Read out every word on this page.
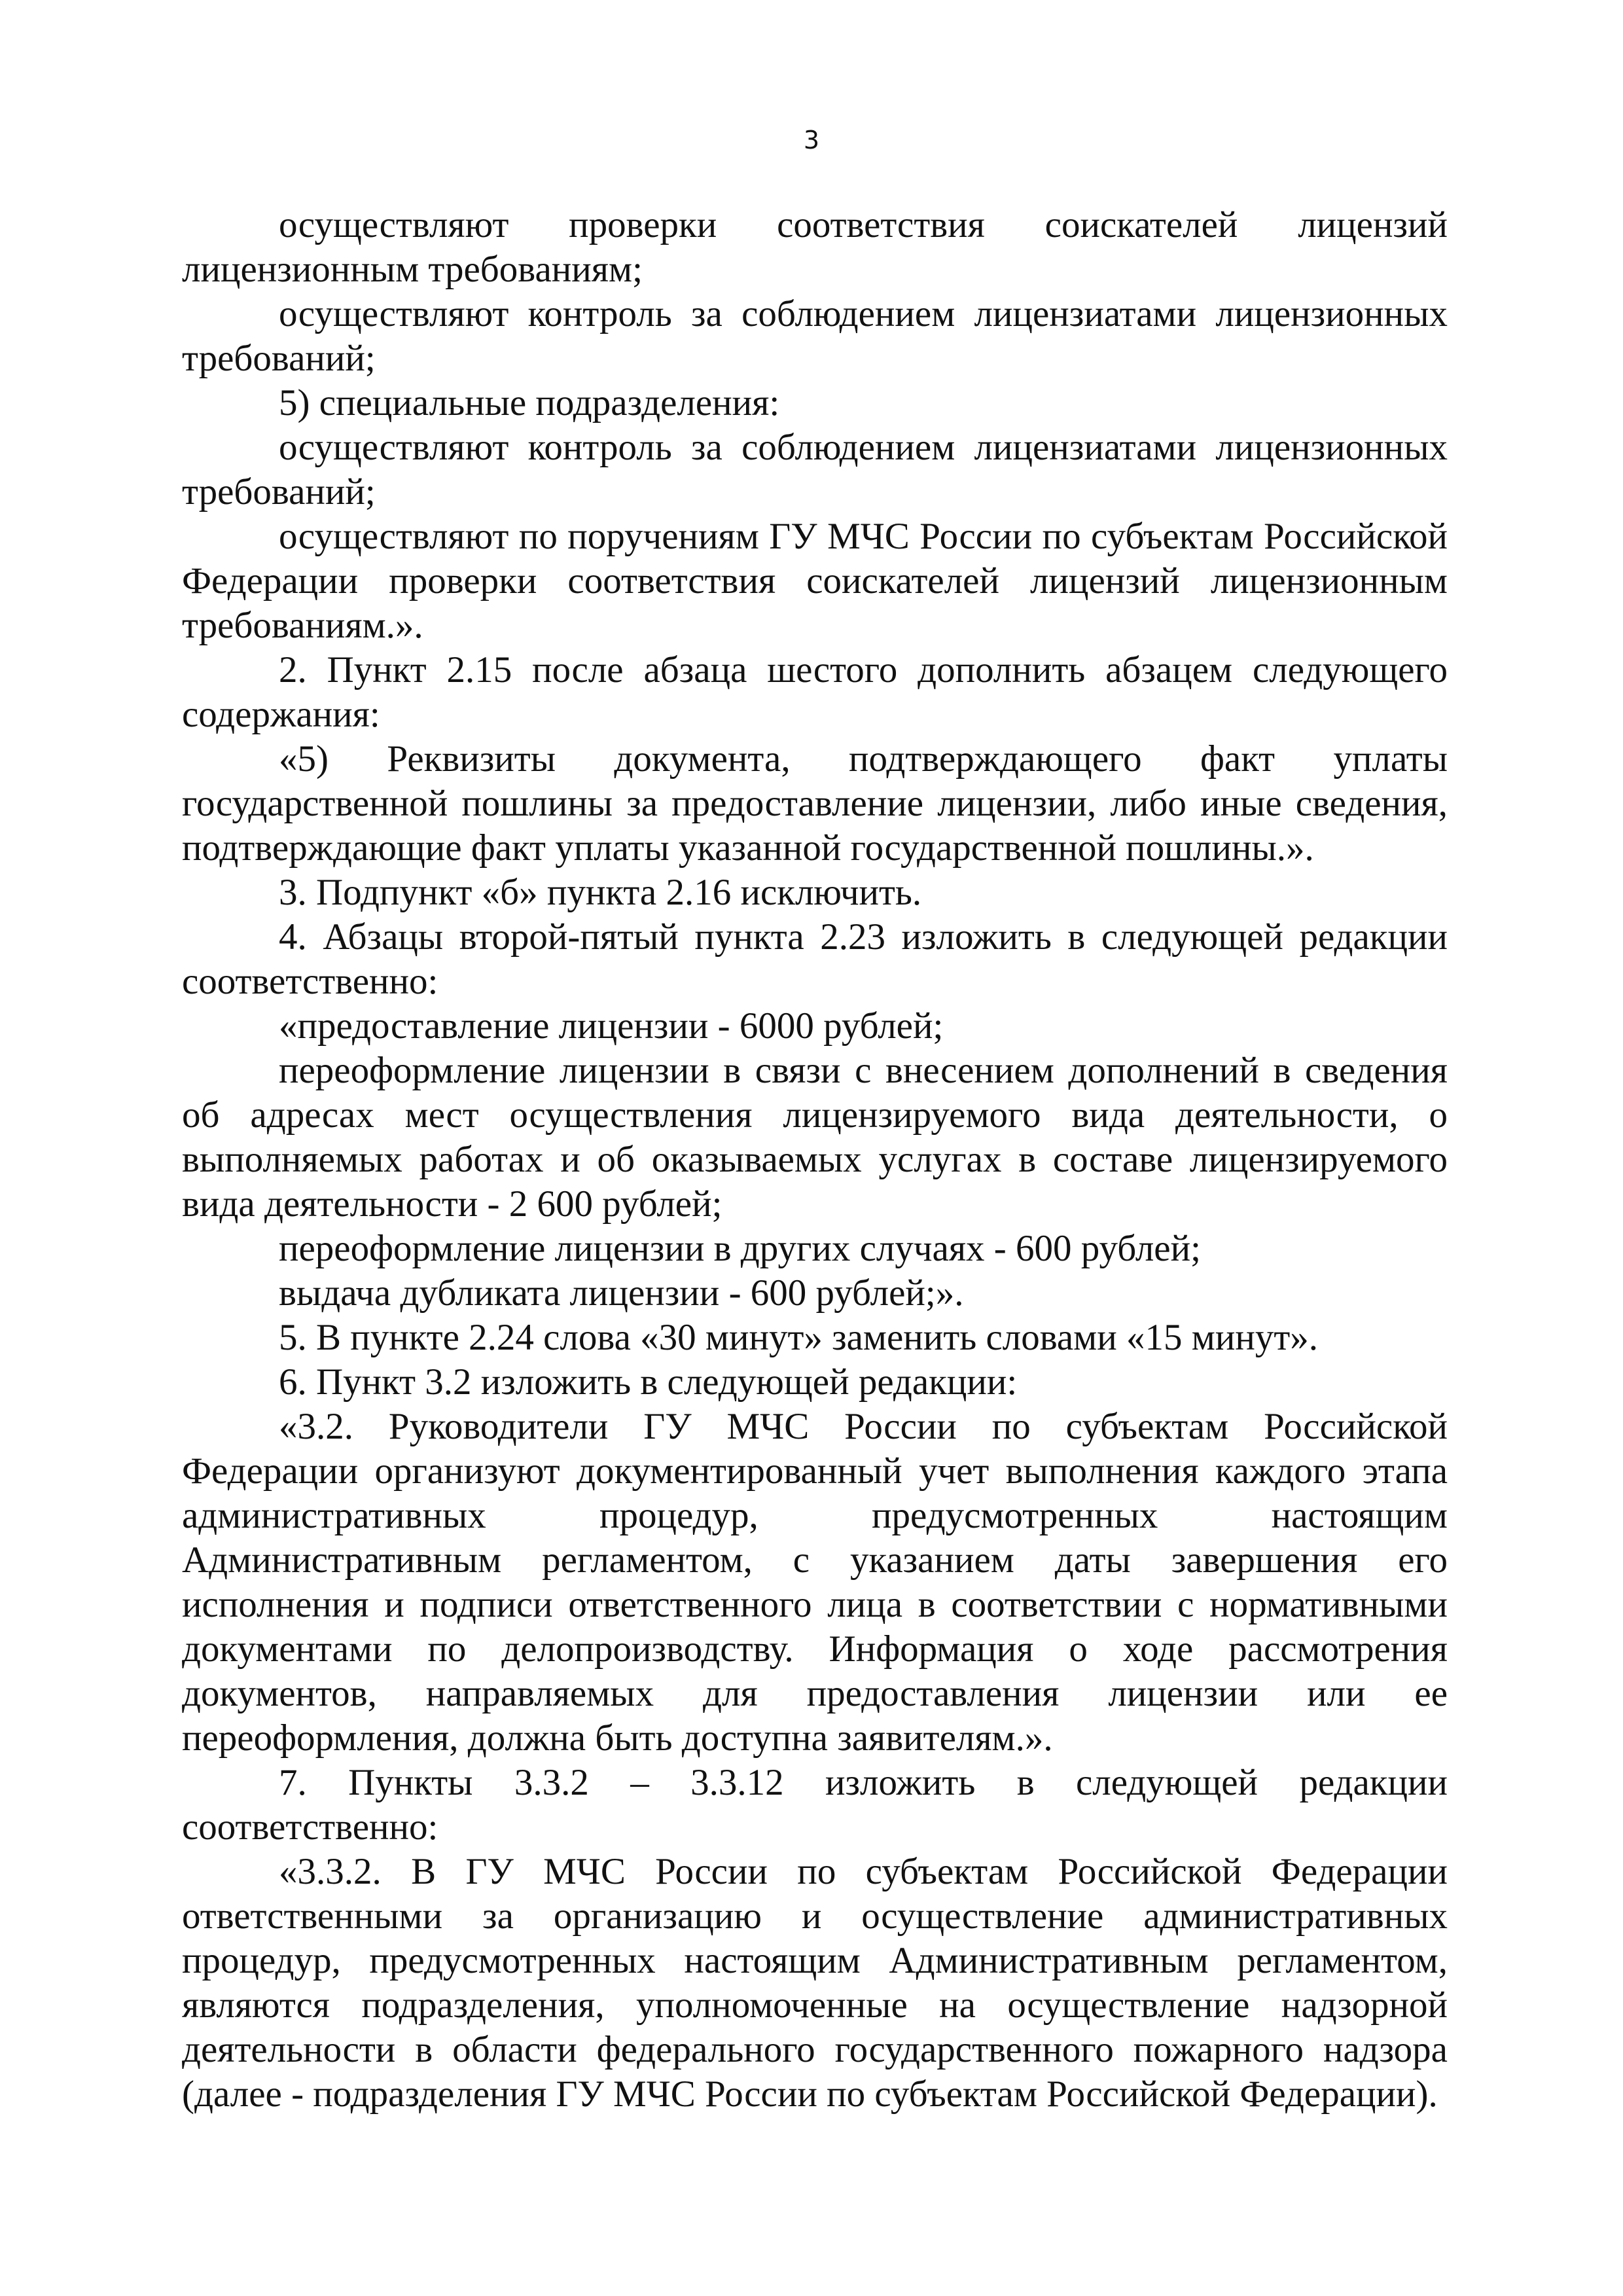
3

осуществляют проверки соответствия соискателей лицензий лицензионным требованиям;

осуществляют контроль за соблюдением лицензиатами лицензионных требований;

5) специальные подразделения:

осуществляют контроль за соблюдением лицензиатами лицензионных требований;

осуществляют по поручениям ГУ МЧС России по субъектам Российской Федерации проверки соответствия соискателей лицензий лицензионным требованиям.».

2. Пункт 2.15 после абзаца шестого дополнить абзацем следующего содержания:

«5) Реквизиты документа, подтверждающего факт уплаты государственной пошлины за предоставление лицензии, либо иные сведения, подтверждающие факт уплаты указанной государственной пошлины.».

3. Подпункт «б» пункта 2.16 исключить.

4. Абзацы второй-пятый пункта 2.23 изложить в следующей редакции соответственно:

«предоставление лицензии - 6000 рублей;

переоформление лицензии в связи с внесением дополнений в сведения об адресах мест осуществления лицензируемого вида деятельности, о выполняемых работах и об оказываемых услугах в составе лицензируемого вида деятельности - 2 600 рублей;

переоформление лицензии в других случаях - 600 рублей;

выдача дубликата лицензии - 600 рублей;».

5. В пункте 2.24 слова «30 минут» заменить словами «15 минут».

6. Пункт 3.2 изложить в следующей редакции:

«3.2. Руководители ГУ МЧС России по субъектам Российской Федерации организуют документированный учет выполнения каждого этапа административных процедур, предусмотренных настоящим Административным регламентом, с указанием даты завершения его исполнения и подписи ответственного лица в соответствии с нормативными документами по делопроизводству. Информация о ходе рассмотрения документов, направляемых для предоставления лицензии или ее переоформления, должна быть доступна заявителям.».

7. Пункты 3.3.2 – 3.3.12 изложить в следующей редакции соответственно:

«3.3.2. В ГУ МЧС России по субъектам Российской Федерации ответственными за организацию и осуществление административных процедур, предусмотренных настоящим Административным регламентом, являются подразделения, уполномоченные на осуществление надзорной деятельности в области федерального государственного пожарного надзора (далее - подразделения ГУ МЧС России по субъектам Российской Федерации).
